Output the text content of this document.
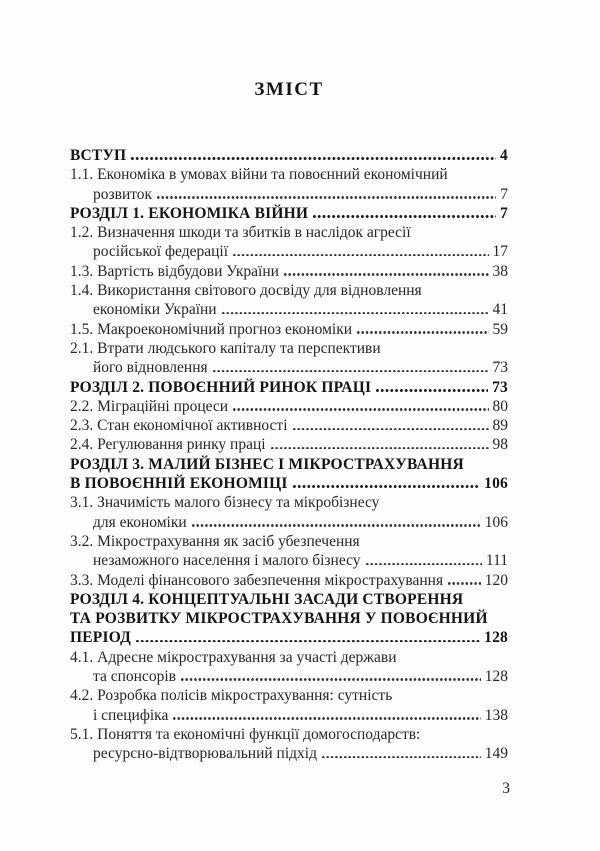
ЗМІСТ
ВСТУП	4
1.1. Економіка в умовах війни та повоєнний економічний
розвиток	7
РОЗДІЛ 1. ЕКОНОМІКА ВІЙНИ	7
1.2. Визначення шкоди та збитків в наслідок агресії
російської федерації	17
1.3. Вартість відбудови України	38
1.4. Використання світового досвіду для відновлення
економіки України	41
1.5. Макроекономічний прогноз економіки	59
2.1. Втрати людського капіталу та перспективи
його відновлення	73
РОЗДІЛ 2. ПОВОЄННИЙ РИНОК ПРАЦІ	73
2.2. Міграційні процеси	80
2.3. Стан економічної активності	89
2.4. Регулювання ринку праці	98
РОЗДІЛ 3. МАЛИЙ БІЗНЕС І МІКРОСТРАХУВАННЯ
В ПОВОЄННІЙ ЕКОНОМІЦІ	106
3.1. Значимість малого бізнесу та мікробізнесу
для економіки	106
3.2. Мікрострахування як засіб убезпечення
незаможного населення і малого бізнесу	111
3.3. Моделі фінансового забезпечення мікрострахування	120
РОЗДІЛ 4. КОНЦЕПТУАЛЬНІ ЗАСАДИ СТВОРЕННЯ
ТА РОЗВИТКУ МІКРОСТРАХУВАННЯ У ПОВОЄННИЙ
ПЕРІОД	128
4.1. Адресне мікрострахування за участі держави
та спонсорів	128
4.2. Розробка полісів мікрострахування: сутність
і специфіка	138
5.1. Поняття та економічні функції домогосподарств:
ресурсно-відтворювальний підхід	149
3
